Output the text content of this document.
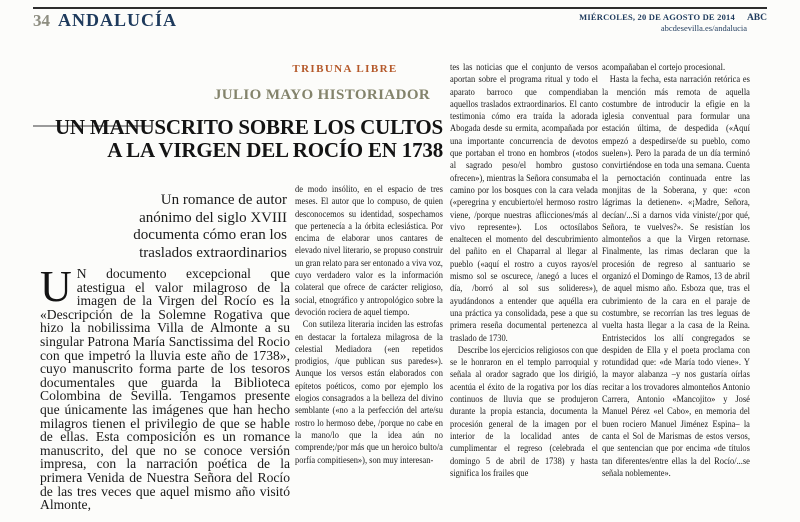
34 ANDALUCÍA	MIÉRCOLES, 20 DE AGOSTO DE 2014 ABC
abcdesevilla.es/andalucia
TRIBUNA LIBRE
JULIO MAYO HISTORIADOR
UN MANUSCRITO SOBRE LOS CULTOS
A LA VIRGEN DEL ROCÍO EN 1738
Un romance de autor
anónimo del siglo XVIII
documenta cómo eran los
traslados extraordinarios

U N documento excepcional que atestigua el valor milagroso de la imagen de la Virgen del Rocío es la «Descripción de la Solemne Rogativa que hizo la nobilissima Villa de Almonte a su singular Patrona María Sanctissima del Rocio con que impetró la lluvia este año de 1738», cuyo manuscrito forma parte de los tesoros documentales que guarda la Biblioteca Colombina de Sevilla. Tengamos presente que únicamente las imágenes que han hecho milagros tienen el privilegio de que se hable de ellas. Esta composición es un romance manuscrito, del que no se conoce versión impresa, con la narración poética de la primera Venida de Nuestra Señora del Rocío de las tres veces que aquel mismo año visitó Almonte,

de modo insólito, en el espacio de tres meses. El autor que lo compuso, de quien desconocemos su identidad, sospechamos que pertenecía a la órbita eclesiástica. Por encima de elaborar unos cantares de elevado nivel literario, se propuso construir un gran relato para ser entonado a viva voz, cuyo verdadero valor es la información colateral que ofrece de carácter religioso, social, etnográfico y antropológico sobre la devoción rociera de aquel tiempo.

Con sutileza literaria inciden las estrofas en destacar la fortaleza milagrosa de la celestial Mediadora («en repetidos prodigios, /que publican sus paredes»). Aunque los versos están elaborados con epítetos poéticos, como por ejemplo los elogios consagrados a la belleza del divino semblante («no a la perfección del arte/su rostro lo hermoso debe, /porque no cabe en la mano/lo que la idea aún no comprende;/por más que un heroico bulto/a porfía compitiesen»), son muy interesan-

tes las noticias que el conjunto de versos aportan sobre el programa ritual y todo el aparato barroco que compendiaban aquellos traslados extraordinarios. El canto testimonia cómo era traída la adorada Abogada desde su ermita, acompañada por una importante concurrencia de devotos que portaban el trono en hombros («todos al sagrado peso/el hombro gustoso ofrecen»), mientras la Señora consumaba el camino por los bosques con la cara velada («peregrina y encubierto/el hermoso rostro viene, /porque nuestras aflicciones/más al vivo represente»). Los octosílabos enaltecen el momento del descubrimiento del pañito en el Chaparral al llegar al pueblo («aquí el rostro a cuyos rayos/el mismo sol se oscurece, /anegó a luces el día, /borró al sol sus solideres»), ayudándonos a entender que aquélla era una práctica ya consolidada, pese a que su primera reseña documental pertenezca al traslado de 1730.

Describe los ejercicios religiosos con que se le honraron en el templo parroquial y señala al orador sagrado que los dirigió, acentúa el éxito de la rogativa por los días continuos de lluvia que se produjeron durante la propia estancia, documenta la procesión general de la imagen por el interior de la localidad antes de cumplimentar el regreso (celebrada el domingo 5 de abril de 1738) y hasta significa los frailes que

acompañaban el cortejo procesional.

Hasta la fecha, esta narración retórica es la mención más remota de aquella costumbre de introducir la efigie en la iglesia conventual para formular una estación última, de despedida («Aquí empezó a despedirse/de su pueblo, como suelen»). Pero la parada de un día terminó convirtiéndose en toda una semana. Cuenta la pernoctación continuada entre las monjitas de la Soberana, y que: «con lágrimas la detienen». «¡Madre, Señora, decían/...Si a darnos vida viniste/¿por qué, Señora, te vuelves?». Se resistían los almonteños a que la Virgen retornase. Finalmente, las rimas declaran que la procesión de regreso al santuario se organizó el Domingo de Ramos, 13 de abril de aquel mismo año. Esboza que, tras el cubrimiento de la cara en el paraje de costumbre, se recorrían las tres leguas de vuelta hasta llegar a la casa de la Reina. Entristecidos los allí congregados se despiden de Ella y el poeta proclama con rotundidad que: «de María todo viene». Y la mayor alabanza –y nos gustaría oírlas recitar a los trovadores almonteños Antonio Carrera, Antonio «Mancojito» y José Manuel Pérez «el Cabo», en memoria del buen rociero Manuel Jiménez Espina– la canta el Sol de Marismas de estos versos, que sentencian que por encima «de títulos tan diferentes/entre ellas la del Rocío/...se señala noblemente».
